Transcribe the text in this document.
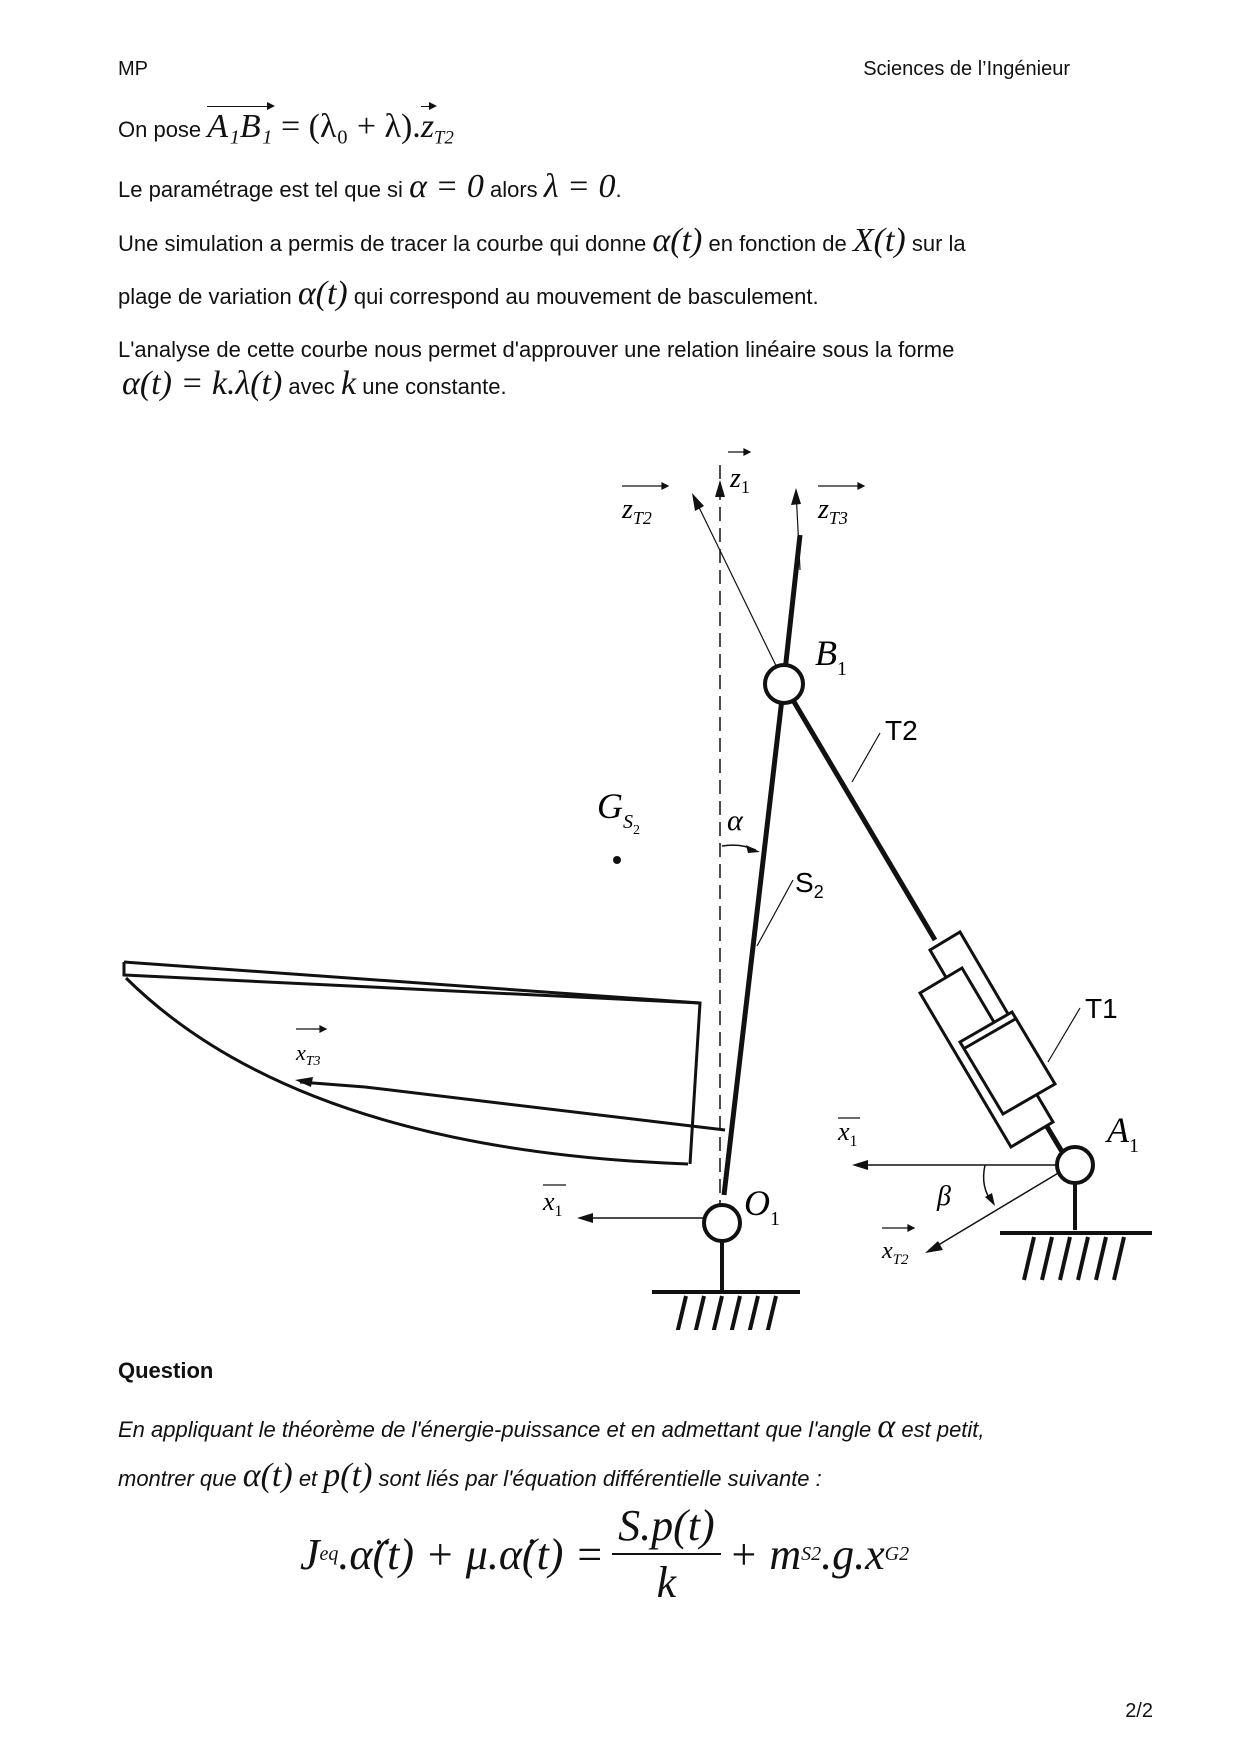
MP	Sciences de l’Ingénieur
On pose $A_1B_1 = (\lambda_0 + \lambda).z_{T2}$
Le paramétrage est tel que si α = 0 alors λ = 0.
Une simulation a permis de tracer la courbe qui donne α(t) en fonction de X(t) sur la
plage de variation α(t) qui correspond au mouvement de basculement.
L'analyse de cette courbe nous permet d'approuver une relation linéaire sous la forme
α(t) = k.λ(t) avec k une constante.
$z_1$
$z_{T2}$	$z_{T3}$
$B_1$
T2
$G_S2$	α
$S_2$
T1
$x_{T3}$
$x_1$	$A_1$
β
$x_{T2}$
$x_1$	$O_1$
Question
En appliquant le théorème de l'énergie-puissance et en admettant que l'angle α est petit,
montrer que α(t) et p(t) sont liés par l'équation différentielle suivante :
J eq .α̈(t) + μ.α̇(t) = $\frac{S.p(t)}{k} + m$ S2 .g.x G2
2/2
